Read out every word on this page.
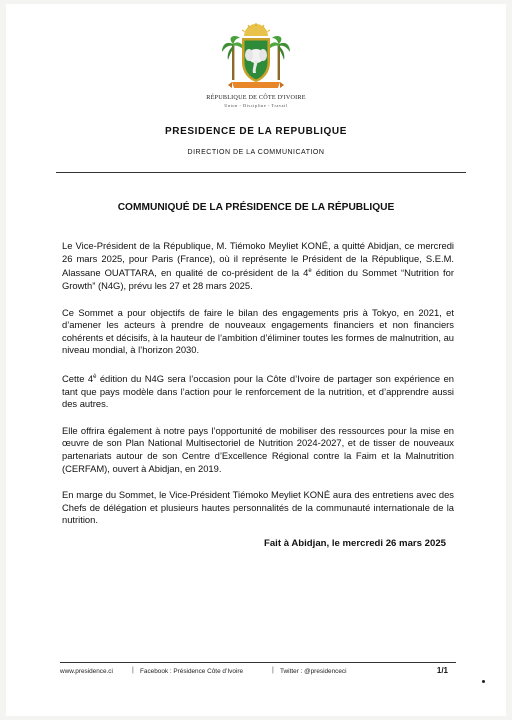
RÉPUBLIQUE DE CÔTE D'IVOIRE
Union - Discipline - Travail
PRESIDENCE DE LA REPUBLIQUE
DIRECTION DE LA COMMUNICATION
COMMUNIQUÉ DE LA PRÉSIDENCE DE LA RÉPUBLIQUE

Le Vice-Président de la République, M. Tiémoko Meyliet KONÉ, a quitté Abidjan, ce mercredi 26 mars 2025, pour Paris (France), où il représente le Président de la République, S.E.M. Alassane OUATTARA, en qualité de co-président de la 4e édition du Sommet “Nutrition for Growth” (N4G), prévu les 27 et 28 mars 2025.

Ce Sommet a pour objectifs de faire le bilan des engagements pris à Tokyo, en 2021, et d’amener les acteurs à prendre de nouveaux engagements financiers et non financiers cohérents et décisifs, à la hauteur de l’ambition d’éliminer toutes les formes de malnutrition, au niveau mondial, à l’horizon 2030.

Cette $4^è$ édition du N4G sera l’occasion pour la Côte d’Ivoire de partager son expérience en tant que pays modèle dans l’action pour le renforcement de la nutrition, et d’apprendre aussi des autres.

Elle offrira également à notre pays l’opportunité de mobiliser des ressources pour la mise en œuvre de son Plan National Multisectoriel de Nutrition 2024-2027, et de tisser de nouveaux partenariats autour de son Centre d’Excellence Régional contre la Faim et la Malnutrition (CERFAM), ouvert à Abidjan, en 2019.

En marge du Sommet, le Vice-Président Tiémoko Meyliet KONÉ aura des entretiens avec des Chefs de délégation et plusieurs hautes personnalités de la communauté internationale de la nutrition.

Fait à Abidjan, le mercredi 26 mars 2025
www.presidence.ci	| Facebook : Présidence Côte d’Ivoire	| Twitter : @presidenceci	1/1
